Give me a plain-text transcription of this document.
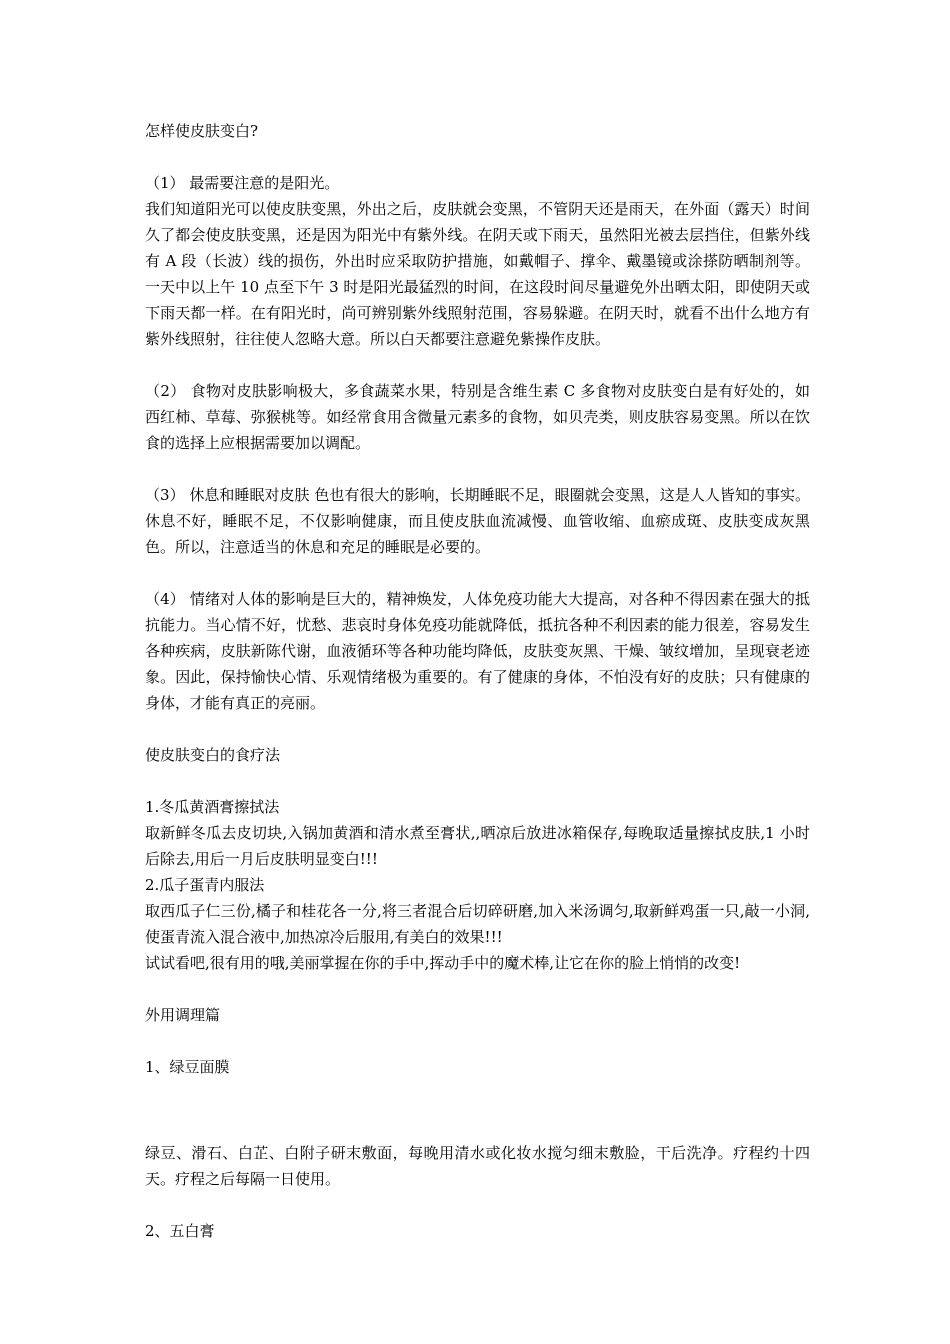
怎样使皮肤变白?

（1） 最需要注意的是阳光。

我们知道阳光可以使皮肤变黑，外出之后，皮肤就会变黑，不管阴天还是雨天，在外面（露天）时间久了都会使皮肤变黑，还是因为阳光中有紫外线。在阴天或下雨天，虽然阳光被去层挡住，但紫外线有 A 段（长波）线的损伤，外出时应采取防护措施，如戴帽子、撑伞、戴墨镜或涂搽防晒制剂等。一天中以上午 10 点至下午 3 时是阳光最猛烈的时间，在这段时间尽量避免外出晒太阳，即使阴天或下雨天都一样。在有阳光时，尚可辨别紫外线照射范围，容易躲避。在阴天时，就看不出什么地方有紫外线照射，往往使人忽略大意。所以白天都要注意避免紫操作皮肤。

（2） 食物对皮肤影响极大，多食蔬菜水果，特别是含维生素 C 多食物对皮肤变白是有好处的，如西红柿、草莓、弥猴桃等。如经常食用含微量元素多的食物，如贝壳类，则皮肤容易变黑。所以在饮食的选择上应根据需要加以调配。

（3） 休息和睡眠对皮肤 色也有很大的影响，长期睡眠不足，眼圈就会变黑，这是人人皆知的事实。休息不好，睡眠不足，不仅影响健康，而且使皮肤血流减慢、血管收缩、血瘀成斑、皮肤变成灰黑色。所以，注意适当的休息和充足的睡眠是必要的。

（4） 情绪对人体的影响是巨大的，精神焕发，人体免疫功能大大提高，对各种不得因素在强大的抵抗能力。当心情不好，忧愁、悲哀时身体免疫功能就降低，抵抗各种不利因素的能力很差，容易发生各种疾病，皮肤新陈代谢，血液循环等各种功能均降低，皮肤变灰黑、干燥、皱纹增加，呈现衰老迹象。因此，保持愉快心情、乐观情绪极为重要的。有了健康的身体，不怕没有好的皮肤；只有健康的身体，才能有真正的亮丽。

使皮肤变白的食疗法

1.冬瓜黄酒膏擦拭法

取新鲜冬瓜去皮切块,入锅加黄酒和清水煮至膏状,,晒凉后放进冰箱保存,每晚取适量擦拭皮肤,1 小时后除去,用后一月后皮肤明显变白!!!

2.瓜子蛋青内服法

取西瓜子仁三份,橘子和桂花各一分,将三者混合后切碎研磨,加入米汤调匀,取新鲜鸡蛋一只,敲一小洞,使蛋青流入混合液中,加热凉冷后服用,有美白的效果!!!

试试看吧,很有用的哦,美丽掌握在你的手中,挥动手中的魔术棒,让它在你的脸上悄悄的改变!

外用调理篇

1、绿豆面膜

绿豆、滑石、白芷、白附子研末敷面，每晚用清水或化妆水搅匀细末敷脸，干后洗净。疗程约十四天。疗程之后每隔一日使用。

2、五白膏
